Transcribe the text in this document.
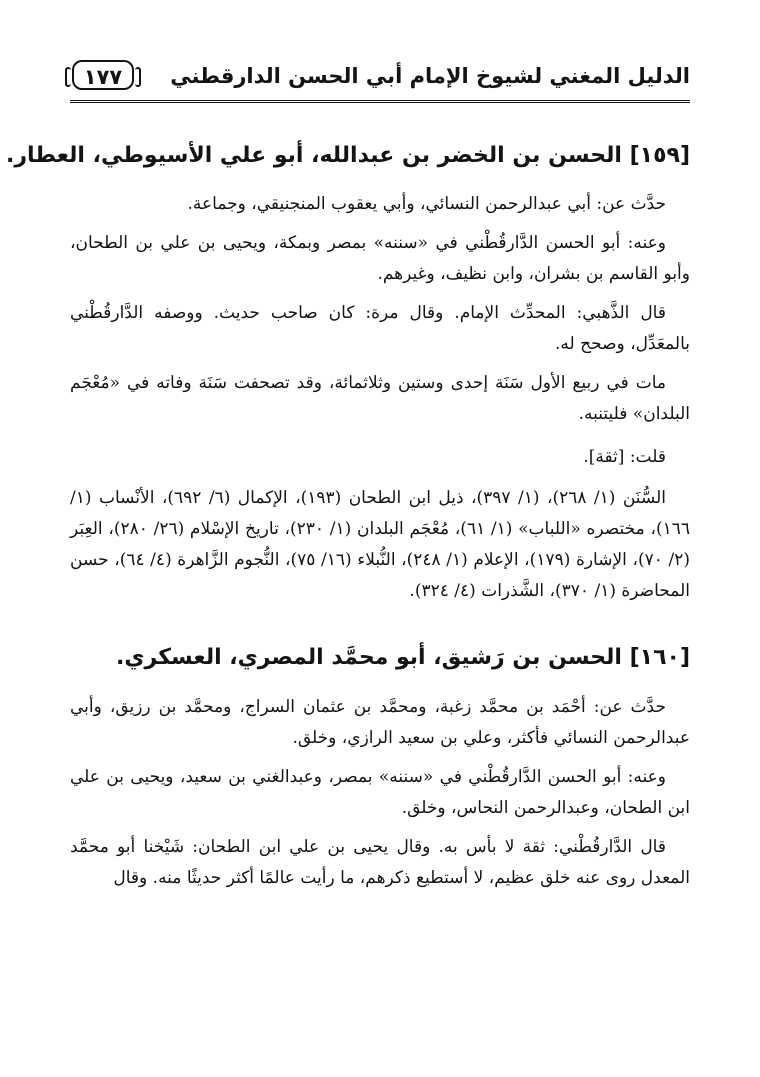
الدليل المغني لشيوخ الإمام أبي الحسن الدارقطني
١٧٧
[ ١٥٩ ] الحسن بن الخضر بن عبدالله، أبو علي الأسيوطي، العطار.

حدَّث عن: أبي عبدالرحمن النسائي، وأبي يعقوب المنجنيقي، وجماعة.

وعنه: أبو الحسن الدَّارقُطْني في «سننه» بمصر وبمكة، ويحيى بن علي بن الطحان، وأبو القاسم بن بشران، وابن نظيف، وغيرهم.

قال الذَّهبي: المحدِّث الإمام. وقال مرة: كان صاحب حديث. ووصفه الدَّارقُطْني بالمعَدِّل، وصحح له.

مات في ربيع الأول سَنَة إحدى وستين وثلاثمائة، وقد تصحفت سَنَة وفاته في «مُعْجَم البلدان» فليتنبه.

قلت: [ثقة].

السُّنَن (١/ ٢٦٨)، (١/ ٣٩٧)، ذيل ابن الطحان (١٩٣)، الإكمال (٦/ ٦٩٢)، الأنْساب (١/ ١٦٦)، مختصره «اللباب» (١/ ٦١)، مُعْجَم البلدان (١/ ٢٣٠)، تاريخ الإسْلام (٢٦/ ٢٨٠)، العِبَر (٢/ ٧٠)، الإشارة (١٧٩)، الإعلام (١/ ٢٤٨)، النُّبلاء (١٦/ ٧٥)، النُّجوم الزَّاهرة (٤/ ٦٤)، حسن المحاضرة (١/ ٣٧٠)، الشَّذرات (٤/ ٣٢٤).

[ ١٦٠ ] الحسن بن رَشيق، أبو محمَّد المصري، العسكري.

حدَّث عن: أحْمَد بن محمَّد زغبة، ومحمَّد بن عثمان السراج، ومحمَّد بن رزيق، وأبي عبدالرحمن النسائي فأكثر، وعلي بن سعيد الرازي، وخلق.

وعنه: أبو الحسن الدَّارقُطْني في «سننه» بمصر، وعبدالغني بن سعيد، ويحيى بن علي ابن الطحان، وعبدالرحمن النحاس، وخلق.

قال الدَّارقُطْني: ثقة لا بأس به. وقال يحيى بن علي ابن الطحان: شَيْخنا أبو محمَّد المعدل روى عنه خلق عظيم، لا أستطيع ذكرهم، ما رأيت عالمًا أكثر حديثًا منه. وقال
